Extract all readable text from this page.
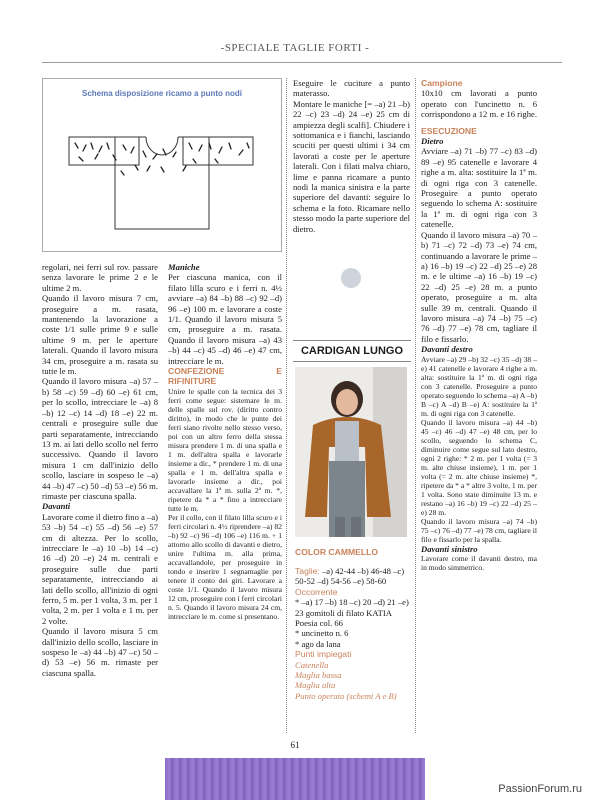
-SPECIALE TAGLIE FORTI -
Schema disposizione ricamo a punto nodi

regolari, nei ferri sul rov. passare senza lavorare le prime 2 e le ultime 2 m.

Quando il lavoro misura 7 cm, proseguire a m. rasata, mantenendo la lavorazione a coste 1/1 sulle prime 9 e sulle ultime 9 m. per le aperture laterali. Quando il lavoro misura 34 cm, proseguire a m. rasata su tutte le m.

Quando il lavoro misura –a) 57 –b) 58 –c) 59 –d) 60 –e) 61 cm, per lo scollo, intrecciare le –a) 8 –b) 12 –c) 14 –d) 18 –e) 22 m. centrali e proseguire sulle due parti separatamente, intrecciando 13 m. ai lati dello scollo nel ferro successivo. Quando il lavoro misura 1 cm dall'inizio dello scollo, lasciare in sospeso le –a) 44 –b) 47 –c) 50 –d) 53 –e) 56 m. rimaste per ciascuna spalla.

Davanti

Lavorare come il dietro fino a –a) 53 –b) 54 –c) 55 –d) 56 –e) 57 cm di altezza. Per lo scollo, intrecciare le –a) 10 –b) 14 –c) 16 –d) 20 –e) 24 m. centrali e proseguire sulle due parti separatamente, intrecciando ai lati dello scollo, all'inizio di ogni ferro, 5 m. per 1 volta, 3 m. per 1 volta, 2 m. per 1 volta e 1 m. per 2 volte.

Quando il lavoro misura 5 cm dall'inizio dello scollo, lasciare in sospeso le –a) 44 –b) 47 –c) 50 –d) 53 –e) 56 m. rimaste per ciascuna spalla.

Maniche

Per ciascuna manica, con il filato lilla scuro e i ferri n. 4½ avviare –a) 84 –b) 88 –c) 92 –d) 96 –e) 100 m. e lavorare a coste 1/1. Quando il lavoro misura 5 cm, proseguire a m. rasata. Quando il lavoro misura –a) 43 –b) 44 –c) 45 –d) 46 –e) 47 cm, intrecciare le m.

CONFEZIONE E RIFINITURE

Unire le spalle con la tecnica dei 3 ferri come segue: sistemare le m. delle spalle sul rov. (diritto contro diritto), in modo che le punte dei ferri siano rivolte nello stesso verso, poi con un altro ferro della stessa misura prendere 1 m. di una spalla e 1 m. dell'altra spalla e lavorarle insieme a dir., * prendere 1 m. di una spalla e 1 m. dell'altra spalla e lavorarle insieme a dir., poi accavallare la 1ª m. sulla 2ª m. *, ripetere da * a * fino a intrecciare tutte le m.

Per il collo, con il filato lilla scuro e i ferri circolari n. 4½ riprendere –a) 82 –b) 92 –c) 96 –d) 106 –e) 116 m. + 1 attorno allo scollo di davanti e dietro, unire l'ultima m. alla prima, accavallandole, per proseguire in tondo e inserire 1 segnamaglie per tenere il conto dei giri. Lavorare a coste 1/1. Quando il lavoro misura 12 cm, proseguire con i ferri circolari n. 5. Quando il lavoro misura 24 cm, intrecciare le m. come si presentano.

Eseguire le cuciture a punto materasso.

Montare le maniche [= –a) 21 –b) 22 –c) 23 –d) 24 –e) 25 cm di ampiezza degli scalfi]. Chiudere i sottomanica e i fianchi, lasciando scuciti per questi ultimi i 34 cm lavorati a coste per le aperture laterali. Con i filati malva chiaro, lime e panna ricamare a punto nodi la manica sinistra e la parte superiore del davanti: seguire lo schema e la foto. Ricamare nello stesso modo la parte superiore del dietro.

CARDIGAN LUNGO
COLOR CAMMELLO

Taglie: –a) 42-44 –b) 46-48 –c) 50-52 –d) 54-56 –e) 58-60

Occorrente

* –a) 17 –b) 18 –c) 20 –d) 21 –e) 23 gomitoli di filato KATIA Poesia col. 66

* uncinetto n. 6

* ago da lana

Punti impiegati

Catenella

Maglia bassa

Maglia alta

Punto operato (schemi A e B)

Campione

10x10 cm lavorati a punto operato con l'uncinetto n. 6 corrispondono a 12 m. e 16 righe.

ESECUZIONE

Dietro

Avviare –a) 71 –b) 77 –c) 83 –d) 89 –e) 95 catenelle e lavorare 4 righe a m. alta: sostituire la 1ª m. di ogni riga con 3 catenelle. Proseguire a punto operato seguendo lo schema A: sostituire la 1ª m. di ogni riga con 3 catenelle.

Quando il lavoro misura –a) 70 –b) 71 –c) 72 –d) 73 –e) 74 cm, continuando a lavorare le prime –a) 16 –b) 19 –c) 22 –d) 25 –e) 28 m. e le ultime –a) 16 –b) 19 –c) 22 –d) 25 –e) 28 m. a punto operato, proseguire a m. alta sulle 39 m. centrali. Quando il lavoro misura –a) 74 –b) 75 –c) 76 –d) 77 –e) 78 cm, tagliare il filo e fissarlo.

Davanti destro

Avviare –a) 29 –b) 32 –c) 35 –d) 38 –e) 41 catenelle e lavorare 4 righe a m. alta: sostituire la 1ª m. di ogni riga con 3 catenelle. Proseguire a punto operato seguendo lo schema –a) A –b) B –c) A –d) B –e) A: sostituire la 1ª m. di ogni riga con 3 catenelle.

Quando il lavoro misura –a) 44 –b) 45 –c) 46 –d) 47 –e) 48 cm, per lo scollo, seguendo lo schema C, diminuire come segue sul lato destro, ogni 2 righe: * 2 m. per 1 volta (= 3 m. alte chiuse insieme), 1 m. per 1 volta (= 2 m. alte chiuse insieme) *, ripetere da * a * altre 3 volte, 1 m. per 1 volta. Sono state diminuite 13 m. e restano –a) 16 –b) 19 –c) 22 –d) 25 –e) 28 m.

Quando il lavoro misura –a) 74 –b) 75 –c) 76 –d) 77 –e) 78 cm, tagliare il filo e fissarlo per la spalla.

Davanti sinistro

Lavorare come il davanti destro, ma in modo simmetrico.

61
PassionForum.ru
